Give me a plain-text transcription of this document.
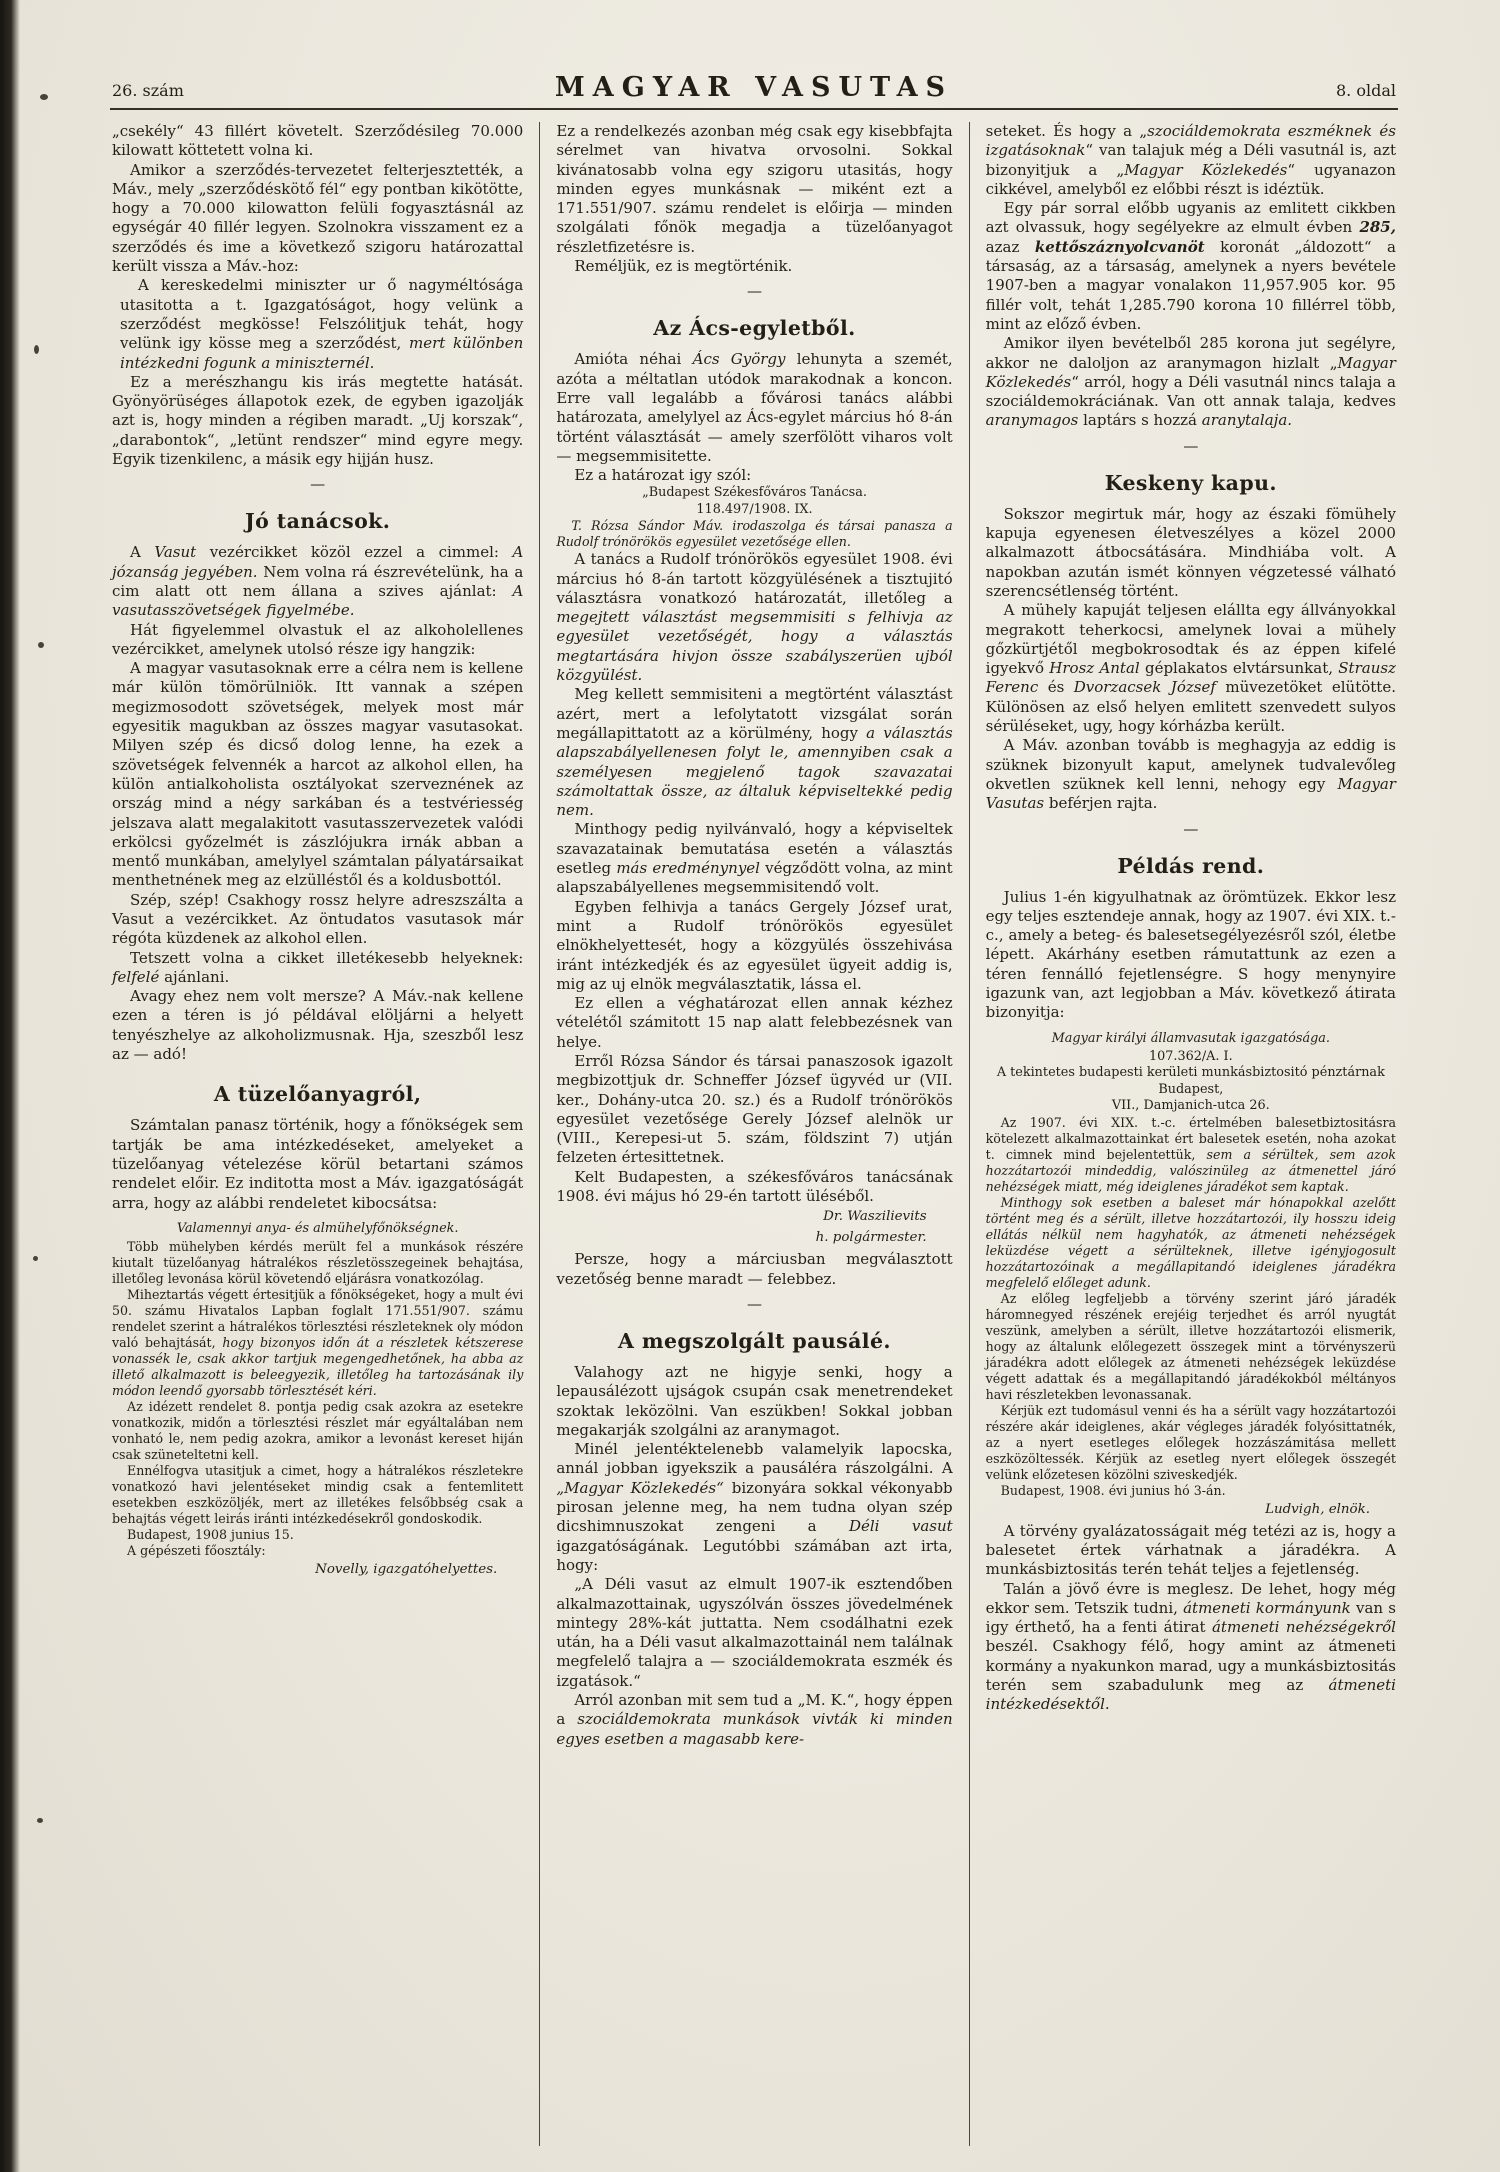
26. szám	MAGYAR VASUTAS	8. oldal
„csekély“ 43 fillért követelt. Szerződésileg 70.000 kilowatt köttetett volna ki.
Amikor a szerződés-tervezetet felterjesztették, a Máv., mely „szerződéskötő fél“ egy pontban kikötötte, hogy a 70.000 kilowatton felüli fogyasztásnál az egységár 40 fillér legyen. Szolnokra visszament ez a szerződés és ime a következő szigoru határozattal került vissza a Máv.-hoz:
A kereskedelmi miniszter ur ő nagyméltósága utasitotta a t. Igazgatóságot, hogy velünk a szerződést megkösse! Felszólitjuk tehát, hogy velünk igy kösse meg a szerződést, mert különben intézkedni fogunk a miniszternél.
Ez a merészhangu kis irás megtette hatását. Gyönyörüséges állapotok ezek, de egyben igazolják azt is, hogy minden a régiben maradt. „Uj korszak“, „darabontok“, „letünt rendszer“ mind egyre megy. Egyik tizenkilenc, a másik egy hijján husz.
—
Jó tanácsok.
A Vasut vezércikket közöl ezzel a cimmel: A józanság jegyében. Nem volna rá észrevételünk, ha a cim alatt ott nem állana a szives ajánlat: A vasutasszövetségek figyelmébe.
Hát figyelemmel olvastuk el az alkoholellenes vezércikket, amelynek utolsó része igy hangzik:
A magyar vasutasoknak erre a célra nem is kellene már külön tömörülniök. Itt vannak a szépen megizmosodott szövetségek, melyek most már egyesitik magukban az összes magyar vasutasokat. Milyen szép és dicső dolog lenne, ha ezek a szövetségek felvennék a harcot az alkohol ellen, ha külön antialkoholista osztályokat szerveznének az ország mind a négy sarkában és a testvériesség jelszava alatt megalakitott vasutasszervezetek valódi erkölcsi győzelmét is zászlójukra irnák abban a mentő munkában, amelylyel számtalan pályatársaikat menthetnének meg az elzülléstől és a koldusbottól.
Szép, szép! Csakhogy rossz helyre adreszszálta a Vasut a vezércikket. Az öntudatos vasutasok már régóta küzdenek az alkohol ellen.
Tetszett volna a cikket illetékesebb helyeknek: felfelé ajánlani.
Avagy ehez nem volt mersze? A Máv.-nak kellene ezen a téren is jó példával elöljárni a helyett tenyészhelye az alkoholizmusnak. Hja, szeszből lesz az — adó!
A tüzelőanyagról,
Számtalan panasz történik, hogy a főnökségek sem tartják be ama intézkedéseket, amelyeket a tüzelőanyag vételezése körül betartani számos rendelet előir. Ez inditotta most a Máv. igazgatóságát arra, hogy az alábbi rendeletet kibocsátsa:
Valamennyi anya- és almühelyfőnökségnek.
Több mühelyben kérdés merült fel a munkások részére kiutalt tüzelőanyag hátralékos részletösszegeinek behajtása, illetőleg levonása körül követendő eljárásra vonatkozólag.
Miheztartás végett értesitjük a főnökségeket, hogy a mult évi 50. számu Hivatalos Lapban foglalt 171.551/907. számu rendelet szerint a hátralékos törlesztési részleteknek oly módon való behajtását, hogy bizonyos időn át a részletek kétszerese vonassék le, csak akkor tartjuk megengedhetőnek, ha abba az illető alkalmazott is beleegyezik, illetőleg ha tartozásának ily módon leendő gyorsabb törlesztését kéri.
Az idézett rendelet 8. pontja pedig csak azokra az esetekre vonatkozik, midőn a törlesztési részlet már egyáltalában nem vonható le, nem pedig azokra, amikor a levonást kereset hiján csak szüneteltetni kell.
Ennélfogva utasitjuk a cimet, hogy a hátralékos részletekre vonatkozó havi jelentéseket mindig csak a fentemlitett esetekben eszközöljék, mert az illetékes felsőbbség csak a behajtás végett leirás iránti intézkedésekről gondoskodik.
Budapest, 1908 junius 15.
A gépészeti főosztály:
Novelly, igazgatóhelyettes.
Ez a rendelkezés azonban még csak egy kisebbfajta sérelmet van hivatva orvosolni. Sokkal kivánatosabb volna egy szigoru utasitás, hogy minden egyes munkásnak — miként ezt a 171.551/907. számu rendelet is előirja — minden szolgálati főnök megadja a tüzelőanyagot részletfizetésre is.
Reméljük, ez is megtörténik.
—
Az Ács-egyletből.
Amióta néhai Ács György lehunyta a szemét, azóta a méltatlan utódok marakodnak a koncon. Erre vall legalább a fővárosi tanács alábbi határozata, amelylyel az Ács-egylet március hó 8-án történt választását — amely szerfölött viharos volt — megsemmisitette.
Ez a határozat igy szól:
„Budapest Székesfőváros Tanácsa.
118.497/1908. IX.
T. Rózsa Sándor Máv. irodaszolga és társai panasza a Rudolf trónörökös egyesület vezetősége ellen.
A tanács a Rudolf trónörökös egyesület 1908. évi március hó 8-án tartott közgyülésének a tisztujitó választásra vonatkozó határozatát, illetőleg a megejtett választást megsemmisiti s felhivja az egyesület vezetőségét, hogy a választás megtartására hivjon össze szabályszerüen ujból közgyülést.
Meg kellett semmisiteni a megtörtént választást azért, mert a lefolytatott vizsgálat során megállapittatott az a körülmény, hogy a választás alapszabályellenesen folyt le, amennyiben csak a személyesen megjelenő tagok szavazatai számoltattak össze, az általuk képviseltekké pedig nem.
Minthogy pedig nyilvánvaló, hogy a képviseltek szavazatainak bemutatása esetén a választás esetleg más eredménynyel végződött volna, az mint alapszabályellenes megsemmisitendő volt.
Egyben felhivja a tanács Gergely József urat, mint a Rudolf trónörökös egyesület elnökhelyettesét, hogy a közgyülés összehivása iránt intézkedjék és az egyesület ügyeit addig is, mig az uj elnök megválasztatik, lássa el.
Ez ellen a véghatározat ellen annak kézhez vételétől számitott 15 nap alatt felebbezésnek van helye.
Erről Rózsa Sándor és társai panaszosok igazolt megbizottjuk dr. Schneffer József ügyvéd ur (VII. ker., Dohány-utca 20. sz.) és a Rudolf trónörökös egyesület vezetősége Gerely József alelnök ur (VIII., Kerepesi-ut 5. szám, földszint 7) utján felzeten értesittetnek.
Kelt Budapesten, a székesfőváros tanácsának 1908. évi május hó 29-én tartott üléséből.
Dr. Waszilievits
h. polgármester.
Persze, hogy a márciusban megválasztott vezetőség benne maradt — felebbez.
—
A megszolgált pausálé.
Valahogy azt ne higyje senki, hogy a lepausálézott ujságok csupán csak menetrendeket szoktak leközölni. Van eszükben! Sokkal jobban megakarják szolgálni az aranymagot.
Minél jelentéktelenebb valamelyik lapocska, annál jobban igyekszik a pausáléra rászolgálni. A „Magyar Közlekedés“ bizonyára sokkal vékonyabb pirosan jelenne meg, ha nem tudna olyan szép dicshimnuszokat zengeni a Déli vasut igazgatóságának. Legutóbbi számában azt irta, hogy:
„A Déli vasut az elmult 1907-ik esztendőben alkalmazottainak, ugyszólván összes jövedelmének mintegy 28%-kát juttatta. Nem csodálhatni ezek után, ha a Déli vasut alkalmazottainál nem találnak megfelelő talajra a — szociáldemokrata eszmék és izgatások.“
Arról azonban mit sem tud a „M. K.“, hogy éppen a szociáldemokrata munkások vivták ki minden egyes esetben a magasabb kere-
seteket. És hogy a „szociáldemokrata eszméknek és izgatásoknak“ van talajuk még a Déli vasutnál is, azt bizonyitjuk a „Magyar Közlekedés“ ugyanazon cikkével, amelyből ez előbbi részt is idéztük.
Egy pár sorral előbb ugyanis az emlitett cikkben azt olvassuk, hogy segélyekre az elmult évben 285, azaz kettőszáznyolcvanöt koronát „áldozott“ a társaság, az a társaság, amelynek a nyers bevétele 1907-ben a magyar vonalakon 11,957.905 kor. 95 fillér volt, tehát 1,285.790 korona 10 fillérrel több, mint az előző évben.
Amikor ilyen bevételből 285 korona jut segélyre, akkor ne daloljon az aranymagon hizlalt „Magyar Közlekedés“ arról, hogy a Déli vasutnál nincs talaja a szociáldemokráciának. Van ott annak talaja, kedves aranymagos laptárs s hozzá aranytalaja.
—
Keskeny kapu.
Sokszor megirtuk már, hogy az északi fömühely kapuja egyenesen életveszélyes a közel 2000 alkalmazott átbocsátására. Mindhiába volt. A napokban azután ismét könnyen végzetessé válható szerencsétlenség történt.
A mühely kapuját teljesen elállta egy állványokkal megrakott teherkocsi, amelynek lovai a mühely gőzkürtjétől megbokrosodtak és az éppen kifelé igyekvő Hrosz Antal géplakatos elvtársunkat, Strausz Ferenc és Dvorzacsek József müvezetöket elütötte. Különösen az első helyen emlitett szenvedett sulyos sérüléseket, ugy, hogy kórházba került.
A Máv. azonban tovább is meghagyja az eddig is szüknek bizonyult kaput, amelynek tudvalevőleg okvetlen szüknek kell lenni, nehogy egy Magyar Vasutas beférjen rajta.
—
Példás rend.
Julius 1-én kigyulhatnak az örömtüzek. Ekkor lesz egy teljes esztendeje annak, hogy az 1907. évi XIX. t.-c., amely a beteg- és balesetsegélyezésről szól, életbe lépett. Akárhány esetben rámutattunk az ezen a téren fennálló fejetlenségre. S hogy menynyire igazunk van, azt legjobban a Máv. következő átirata bizonyitja:
Magyar királyi államvasutak igazgatósága.
107.362/A. I.
A tekintetes budapesti kerületi munkásbiztositó pénztárnak
Budapest,
VII., Damjanich-utca 26.
Az 1907. évi XIX. t.-c. értelmében balesetbiztositásra kötelezett alkalmazottainkat ért balesetek esetén, noha azokat t. cimnek mind bejelentettük, sem a sérültek, sem azok hozzátartozói mindeddig, valószinüleg az átmenettel járó nehézségek miatt, még ideiglenes járadékot sem kaptak.
Minthogy sok esetben a baleset már hónapokkal azelőtt történt meg és a sérült, illetve hozzátartozói, ily hosszu ideig ellátás nélkül nem hagyhatók, az átmeneti nehézségek leküzdése végett a sérülteknek, illetve igényjogosult hozzátartozóinak a megállapitandó ideiglenes járadékra megfelelő előleget adunk.
Az előleg legfeljebb a törvény szerint járó járadék háromnegyed részének erejéig terjedhet és arról nyugtát veszünk, amelyben a sérült, illetve hozzátartozói elismerik, hogy az általunk előlegezett összegek mint a törvényszerü járadékra adott előlegek az átmeneti nehézségek leküzdése végett adattak és a megállapitandó járadékokból méltányos havi részletekben levonassanak.
Kérjük ezt tudomásul venni és ha a sérült vagy hozzátartozói részére akár ideiglenes, akár végleges járadék folyósittatnék, az a nyert esetleges előlegek hozzászámitása mellett eszközöltessék. Kérjük az esetleg nyert előlegek összegét velünk előzetesen közölni sziveskedjék.
Budapest, 1908. évi junius hó 3-án.
Ludvigh, elnök.
A törvény gyalázatosságait még tetézi az is, hogy a balesetet értek várhatnak a járadékra. A munkásbiztositás terén tehát teljes a fejetlenség.
Talán a jövő évre is meglesz. De lehet, hogy még ekkor sem. Tetszik tudni, átmeneti kormányunk van s igy érthető, ha a fenti átirat átmeneti nehézségekről beszél. Csakhogy félő, hogy amint az átmeneti kormány a nyakunkon marad, ugy a munkásbiztositás terén sem szabadulunk meg az átmeneti intézkedésektől.
